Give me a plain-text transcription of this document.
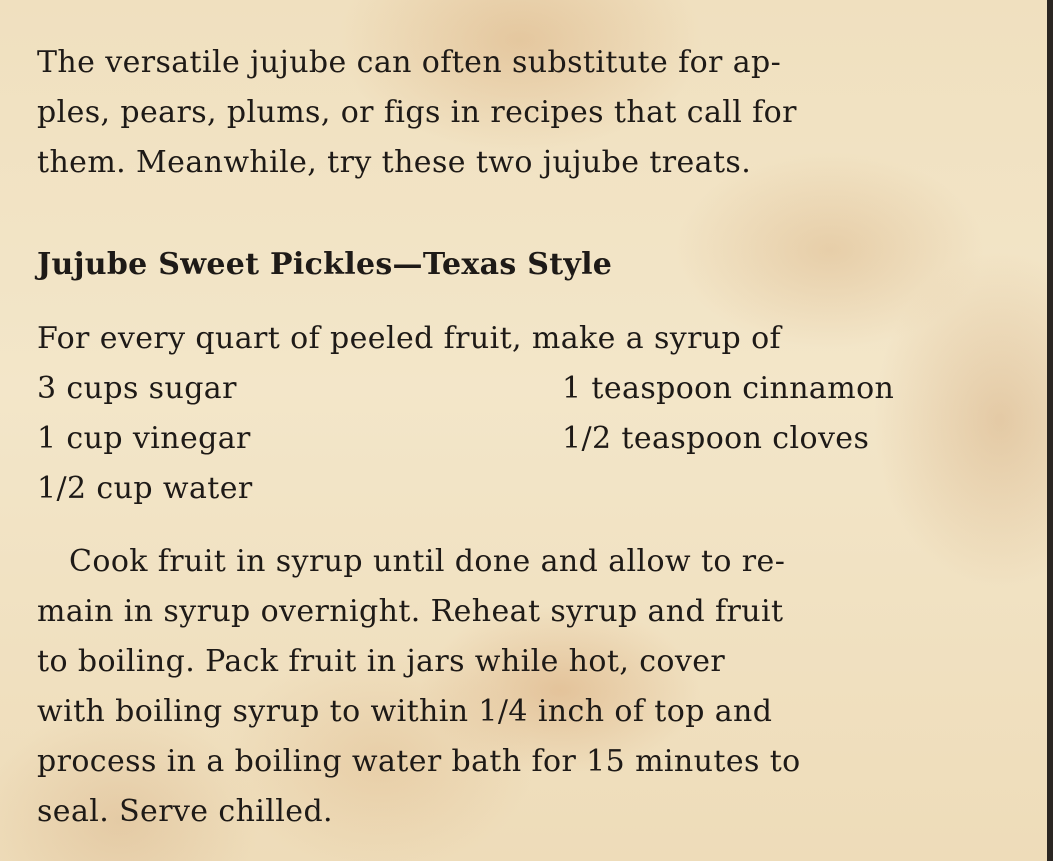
The versatile jujube can often substitute for ap-
ples, pears, plums, or figs in recipes that call for
them. Meanwhile, try these two jujube treats.

Jujube Sweet Pickles—Texas Style

For every quart of peeled fruit, make a syrup of

3 cups sugar
1 cup vinegar
1/2 cup water
1 teaspoon cinnamon
1/2 teaspoon cloves

Cook fruit in syrup until done and allow to re-
main in syrup overnight. Reheat syrup and fruit
to boiling. Pack fruit in jars while hot, cover
with boiling syrup to within 1/4 inch of top and
process in a boiling water bath for 15 minutes to
seal. Serve chilled.
